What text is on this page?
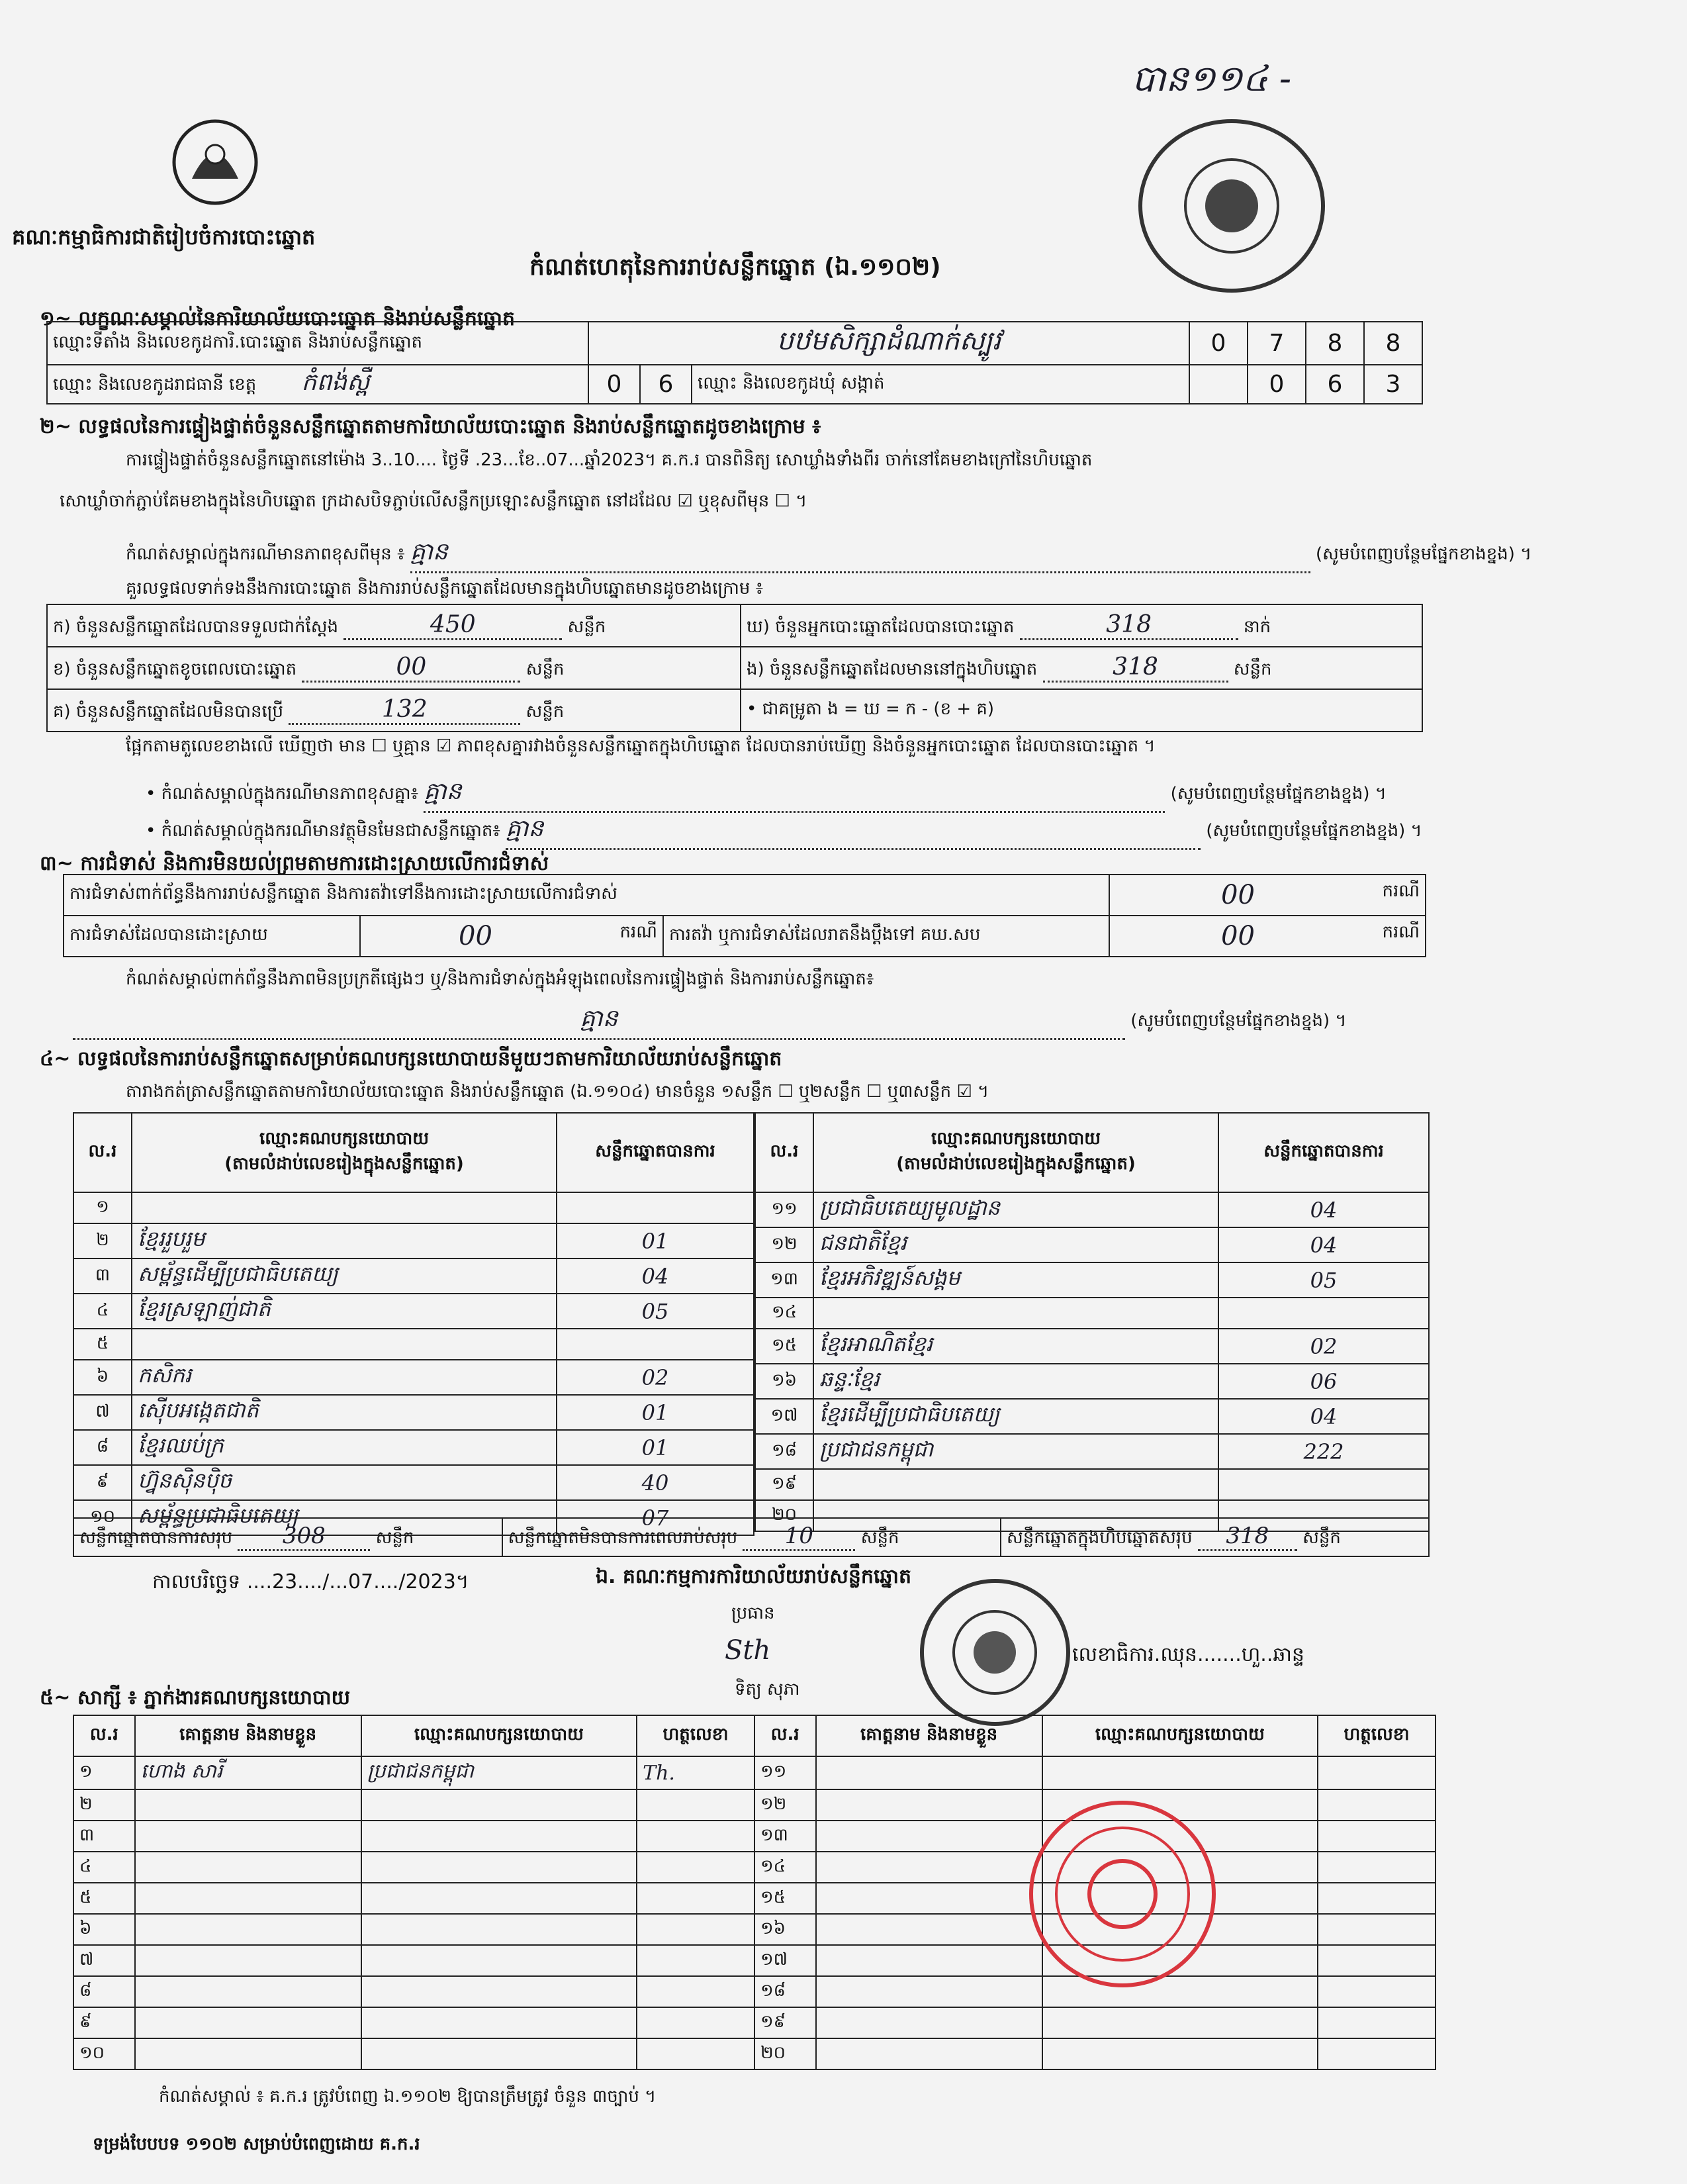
គណៈកម្មាធិការជាតិរៀបចំការបោះឆ្នោត
កំណត់ហេតុនៃការរាប់សន្លឹកឆ្នោត (ឯ.១១០២)
បាន១១៤ -
១~ លក្ខណៈសម្គាល់នៃការិយាល័យបោះឆ្នោត និងរាប់សន្លឹកឆ្នោត
ឈ្មោះទីតាំង និងលេខកូដការិ.បោះឆ្នោត និងរាប់សន្លឹកឆ្នោត	បឋមសិក្សាដំណាក់ស្បូវ			0	7	8	8
ឈ្មោះ និងលេខកូដរាជធានី ខេត្ត កំពង់ស្ពឺ	0	6	ឈ្មោះ និងលេខកូដឃុំ សង្កាត់		0	6	3
២~ លទ្ធផលនៃការផ្ទៀងផ្ទាត់ចំនួនសន្លឹកឆ្នោតតាមការិយាល័យបោះឆ្នោត និងរាប់សន្លឹកឆ្នោតដូចខាងក្រោម ៖
ការផ្ទៀងផ្ទាត់ចំនួនសន្លឹកឆ្នោតនៅម៉ោង 3..10.... ថ្ងៃទី .23...ខែ..07...ឆ្នាំ2023។ គ.ក.រ បានពិនិត្យ សោឃ្លាំងទាំងពីរ ចាក់នៅគែមខាងក្រៅនៃហិបឆ្នោត
សោឃ្លាំចាក់ភ្ជាប់គែមខាងក្នុងនៃហិបឆ្នោត ក្រដាសបិទភ្ជាប់លើសន្លឹកប្រឡោះសន្លឹកឆ្នោត នៅដដែល ☑ ឬខុសពីមុន ☐ ។
កំណត់សម្គាល់ក្នុងករណីមានភាពខុសពីមុន ៖ គ្មាន	(សូមបំពេញបន្ថែមផ្នែកខាងខ្នង) ។
គួរលទ្ធផលទាក់ទងនឹងការបោះឆ្នោត និងការរាប់សន្លឹកឆ្នោតដែលមានក្នុងហិបឆ្នោតមានដូចខាងក្រោម ៖
ក) ចំនួនសន្លឹកឆ្នោតដែលបានទទួលជាក់ស្តែង 450 សន្លឹក	ឃ) ចំនួនអ្នកបោះឆ្នោតដែលបានបោះឆ្នោត 318 នាក់
ខ) ចំនួនសន្លឹកឆ្នោតខូចពេលបោះឆ្នោត 00 សន្លឹក	ង) ចំនួនសន្លឹកឆ្នោតដែលមាននៅក្នុងហិបឆ្នោត 318 សន្លឹក
គ) ចំនួនសន្លឹកឆ្នោតដែលមិនបានប្រើ 132 សន្លឹក	• ជាគម្រូតា ង = ឃ = ក - (ខ + គ)
ផ្អែកតាមតួលេខខាងលើ ឃើញថា មាន ☐ ឬគ្មាន ☑ ភាពខុសគ្នារវាងចំនួនសន្លឹកឆ្នោតក្នុងហិបឆ្នោត ដែលបានរាប់ឃើញ និងចំនួនអ្នកបោះឆ្នោត ដែលបានបោះឆ្នោត ។
• កំណត់សម្គាល់ក្នុងករណីមានភាពខុសគ្នា៖ គ្មាន	(សូមបំពេញបន្ថែមផ្នែកខាងខ្នង) ។
• កំណត់សម្គាល់ក្នុងករណីមានវត្ថុមិនមែនជាសន្លឹកឆ្នោត៖ គ្មាន	(សូមបំពេញបន្ថែមផ្នែកខាងខ្នង) ។
៣~ ការជំទាស់ និងការមិនយល់ព្រមតាមការដោះស្រាយលើការជំទាស់
ការជំទាស់ពាក់ព័ន្ធនឹងការរាប់សន្លឹកឆ្នោត និងការតវ៉ាទៅនឹងការដោះស្រាយលើការជំទាស់			00 ករណី

ការជំទាស់ដែលបានដោះស្រាយ	00 ករណី	ការតវ៉ា ឬការជំទាស់ដែលរាតនឹងប្ដឹងទៅ គឃ.សប	00 ករណី
កំណត់សម្គាល់ពាក់ព័ន្ធនឹងភាពមិនប្រក្រតីផ្សេងៗ ឬ/និងការជំទាស់ក្នុងអំឡុងពេលនៃការផ្ទៀងផ្ទាត់ និងការរាប់សន្លឹកឆ្នោត៖
គ្មាន	(សូមបំពេញបន្ថែមផ្នែកខាងខ្នង) ។
៤~ លទ្ធផលនៃការរាប់សន្លឹកឆ្នោតសម្រាប់គណបក្សនយោបាយនីមួយៗតាមការិយាល័យរាប់សន្លឹកឆ្នោត
តារាងកត់ត្រាសន្លឹកឆ្នោតតាមការិយាល័យបោះឆ្នោត និងរាប់សន្លឹកឆ្នោត (ឯ.១១០៤) មានចំនួន ១សន្លឹក ☐ ឬ២សន្លឹក ☐ ឬ៣សន្លឹក ☑ ។
ល.រ	ឈ្មោះគណបក្សនយោបាយ
(តាមលំដាប់លេខរៀងក្នុងសន្លឹកឆ្នោត)	សន្លឹកឆ្នោតបានការ
១		
២	ខ្មែររួបរួម	01
៣	សម្ព័ន្ធដើម្បីប្រជាធិបតេយ្យ	04
៤	ខ្មែរស្រឡាញ់ជាតិ	05
៥		
៦	កសិករ	02
៧	ស៊ើបអង្កេតជាតិ	01
៨	ខ្មែរឈប់ក្រ	01
៩	ហ្វ៊ុនស៊ិនប៉ិច	40
១០	សម្ព័ន្ធប្រជាធិបតេយ្យ	07
ល.រ	ឈ្មោះគណបក្សនយោបាយ
(តាមលំដាប់លេខរៀងក្នុងសន្លឹកឆ្នោត)	សន្លឹកឆ្នោតបានការ
១១	ប្រជាធិបតេយ្យមូលដ្ឋាន	04
១២	ជនជាតិខ្មែរ	04
១៣	ខ្មែរអភិវឌ្ឍន៍សង្គម	05
១៤		
១៥	ខ្មែរអាណិតខ្មែរ	02
១៦	ឆន្ទៈខ្មែរ	06
១៧	ខ្មែរដើម្បីប្រជាធិបតេយ្យ	04
១៨	ប្រជាជនកម្ពុជា	222
១៩		
២០		
សន្លឹកឆ្នោតបានការសរុប 308	សន្លឹក	សន្លឹកឆ្នោតមិនបានការពេលរាប់សរុប 10	សន្លឹក	សន្លឹកឆ្នោតក្នុងហិបឆ្នោតសរុប 318 សន្លឹក
កាលបរិច្ឆេទ ....23..../...07..../2023។	ឯ. គណៈកម្មការការិយាល័យរាប់សន្លឹកឆ្នោត
ប្រធាន
Sth
ទិត្យ សុភា
លេខាធិការ.ឈុន.......ហួ..ឆាន្ទ
៥~ សាក្សី ៖ ភ្នាក់ងារគណបក្សនយោបាយ
ល.រ	គោត្តនាម និងនាមខ្លួន	ឈ្មោះគណបក្សនយោបាយ	ហត្ថលេខា	ល.រ	គោត្តនាម និងនាមខ្លួន	ឈ្មោះគណបក្សនយោបាយ	ហត្ថលេខា
១	ហោង សារី	ប្រជាជនកម្ពុជា	Th.	១១			
២				១២			
៣				១៣			
៤				១៤			
៥				១៥			
៦				១៦			
៧				១៧			
៨				១៨			
៩				១៩			
១០				២០			
កំណត់សម្គាល់ ៖ គ.ក.រ ត្រូវបំពេញ ឯ.១១០២ ឱ្យបានត្រឹមត្រូវ ចំនួន ៣ច្បាប់ ។
ទម្រង់បែបបទ ១១០២ សម្រាប់បំពេញដោយ គ.ក.រ
